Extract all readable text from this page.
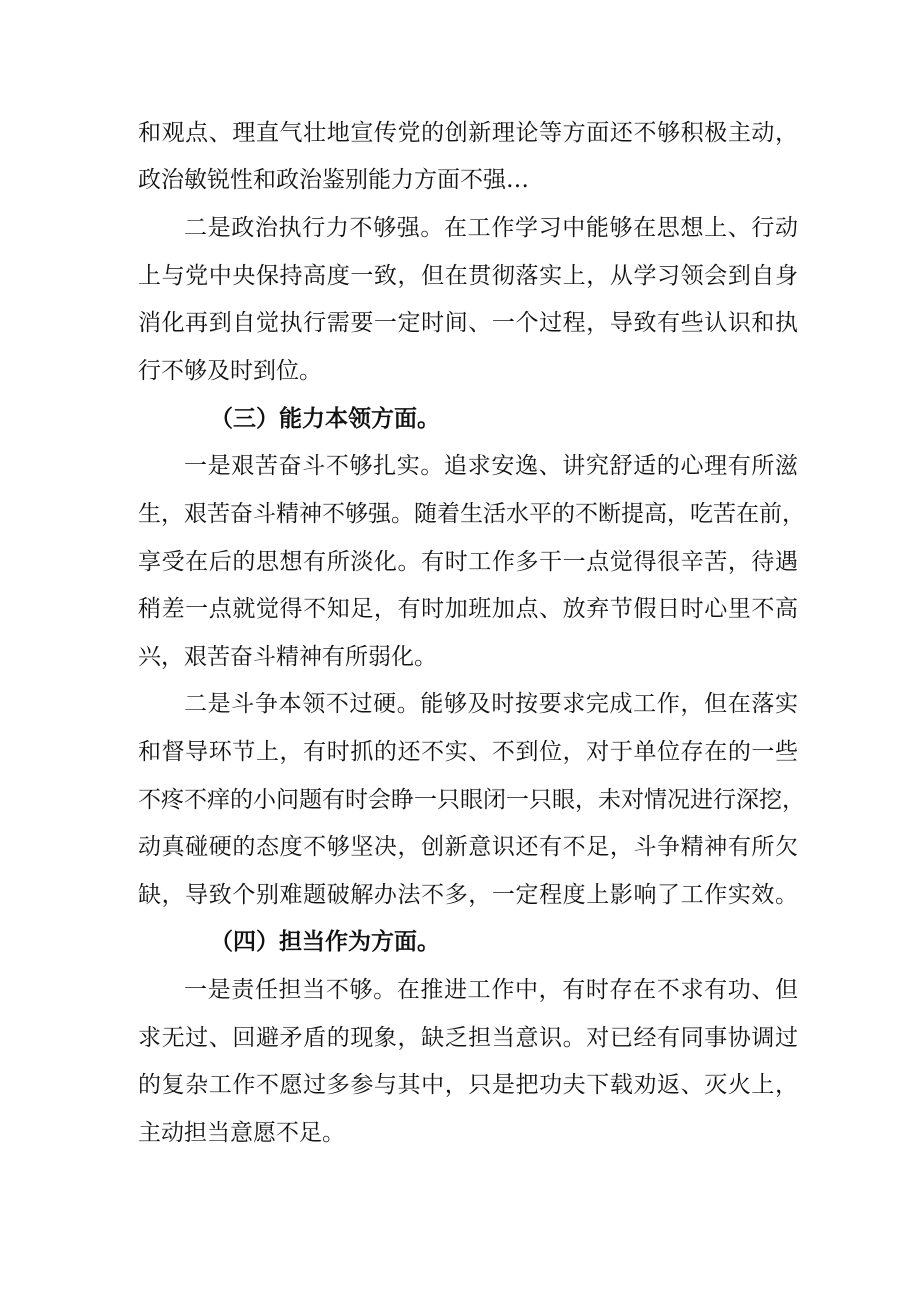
和观点、理直气壮地宣传党的创新理论等方面还不够积极主动，
政治敏锐性和政治鉴别能力方面不强…
二是政治执行力不够强。在工作学习中能够在思想上、行动
上与党中央保持高度一致，但在贯彻落实上，从学习领会到自身
消化再到自觉执行需要一定时间、一个过程，导致有些认识和执
行不够及时到位。
（三）能力本领方面。
一是艰苦奋斗不够扎实。追求安逸、讲究舒适的心理有所滋
生，艰苦奋斗精神不够强。随着生活水平的不断提高，吃苦在前，
享受在后的思想有所淡化。有时工作多干一点觉得很辛苦，待遇
稍差一点就觉得不知足，有时加班加点、放弃节假日时心里不高
兴，艰苦奋斗精神有所弱化。
二是斗争本领不过硬。能够及时按要求完成工作，但在落实
和督导环节上，有时抓的还不实、不到位，对于单位存在的一些
不疼不痒的小问题有时会睁一只眼闭一只眼，未对情况进行深挖，
动真碰硬的态度不够坚决，创新意识还有不足，斗争精神有所欠
缺，导致个别难题破解办法不多，一定程度上影响了工作实效。
（四）担当作为方面。
一是责任担当不够。在推进工作中，有时存在不求有功、但
求无过、回避矛盾的现象，缺乏担当意识。对已经有同事协调过
的复杂工作不愿过多参与其中，只是把功夫下载劝返、灭火上，
主动担当意愿不足。
